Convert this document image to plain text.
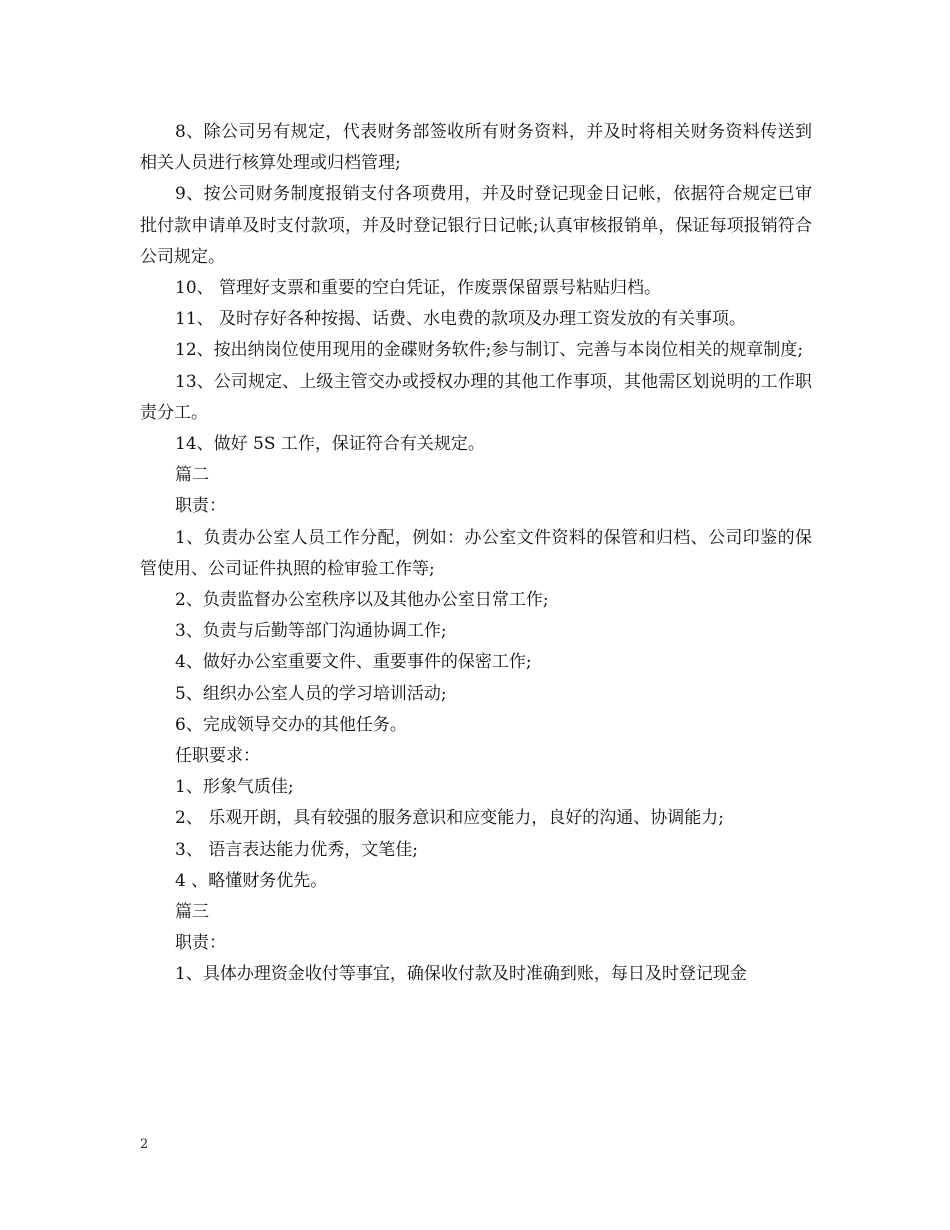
8、除公司另有规定，代表财务部签收所有财务资料，并及时将相关财务资料传送到相关人员进行核算处理或归档管理;

9、按公司财务制度报销支付各项费用，并及时登记现金日记帐，依据符合规定已审批付款申请单及时支付款项，并及时登记银行日记帐;认真审核报销单，保证每项报销符合公司规定。

10、 管理好支票和重要的空白凭证，作废票保留票号粘贴归档。

11、 及时存好各种按揭、话费、水电费的款项及办理工资发放的有关事项。

12、按出纳岗位使用现用的金碟财务软件;参与制订、完善与本岗位相关的规章制度;

13、公司规定、上级主管交办或授权办理的其他工作事项，其他需区划说明的工作职责分工。

14、做好 5S 工作，保证符合有关规定。

篇二

职责：

1、负责办公室人员工作分配，例如：办公室文件资料的保管和归档、公司印鉴的保管使用、公司证件执照的检审验工作等;

2、负责监督办公室秩序以及其他办公室日常工作;

3、负责与后勤等部门沟通协调工作;

4、做好办公室重要文件、重要事件的保密工作;

5、组织办公室人员的学习培训活动;

6、完成领导交办的其他任务。

任职要求：

1、形象气质佳;

2、 乐观开朗，具有较强的服务意识和应变能力，良好的沟通、协调能力;

3、 语言表达能力优秀，文笔佳;

4 、略懂财务优先。

篇三

职责：

1、具体办理资金收付等事宜，确保收付款及时准确到账，每日及时登记现金

2
